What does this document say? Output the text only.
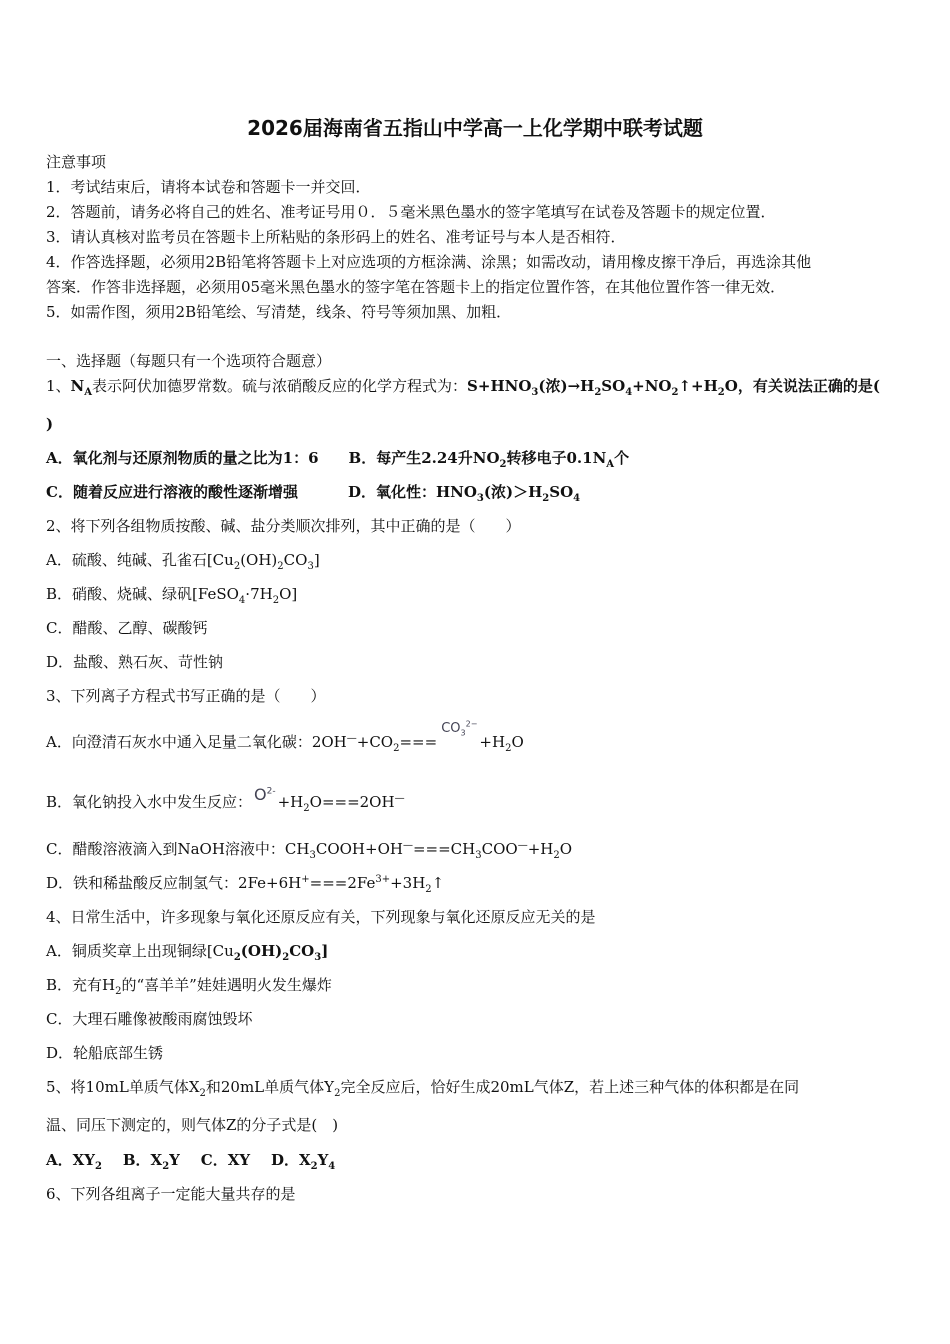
2026届海南省五指山中学高一上化学期中联考试题
注意事项
1．考试结束后，请将本试卷和答题卡一并交回．
2．答题前，请务必将自己的姓名、准考证号用０．５毫米黑色墨水的签字笔填写在试卷及答题卡的规定位置．
3．请认真核对监考员在答题卡上所粘贴的条形码上的姓名、准考证号与本人是否相符．
4．作答选择题，必须用2B铅笔将答题卡上对应选项的方框涂满、涂黑；如需改动，请用橡皮擦干净后，再选涂其他
答案．作答非选择题，必须用05毫米黑色墨水的签字笔在答题卡上的指定位置作答，在其他位置作答一律无效．
5．如需作图，须用2B铅笔绘、写清楚，线条、符号等须加黑、加粗．
一、选择题（每题只有一个选项符合题意）
1、$N_A$表示阿伏加德罗常数。硫与浓硝酸反应的化学方程式为：$S+HNO_3$(浓)$\to H_2SO_4+NO_2↑+H_2O$，有关说法正确的是(
)
A．氧化剂与还原剂物质的量之比为1：6 B．每产生2.24升$NO_2$转移电子$0.1N_A$个
C．随着反应进行溶液的酸性逐渐增强	D．氧化性：$HNO_3$(浓)$>H_2SO_4$
2、将下列各组物质按酸、碱、盐分类顺次排列，其中正确的是（　　）
A．硫酸、纯碱、孔雀石$[Cu_2(OH)_2CO_3]$
B．硝酸、烧碱、绿矾$[FeSO_4\cdot 7H_2O]$
C．醋酸、乙醇、碳酸钙
D．盐酸、熟石灰、苛性钠
3、下列离子方程式书写正确的是（　　）
A．向澄清石灰水中通入足量二氧化碳：$2OH^—+CO_2===CO_3^{2-}+H_2O$
B．氧化钠投入水中发生反应： $O^{2-}+H_2O===2OH^—$
C．醋酸溶液滴入到NaOH溶液中：$CH_3COOH+OH^—===CH_3COO^—+H_2O$
D．铁和稀盐酸反应制氢气：$2Fe+6H^+===2Fe^{3+}+3H_2↑$
4、日常生活中，许多现象与氧化还原反应有关，下列现象与氧化还原反应无关的是
A．铜质奖章上出现铜绿$[Cu_2(OH)_2CO_3]$
B．充有$H_2$的“喜羊羊”娃娃遇明火发生爆炸
C．大理石雕像被酸雨腐蚀毁坏
D．轮船底部生锈
5、将10mL单质气体$X_2$和20mL单质气体$Y_2$完全反应后，恰好生成20mL气体Z，若上述三种气体的体积都是在同
温、同压下测定的，则气体Z的分子式是(　)
A．$XY_2$ B．$X_2Y$ C．XY D．$X_2Y_4$
6、下列各组离子一定能大量共存的是
